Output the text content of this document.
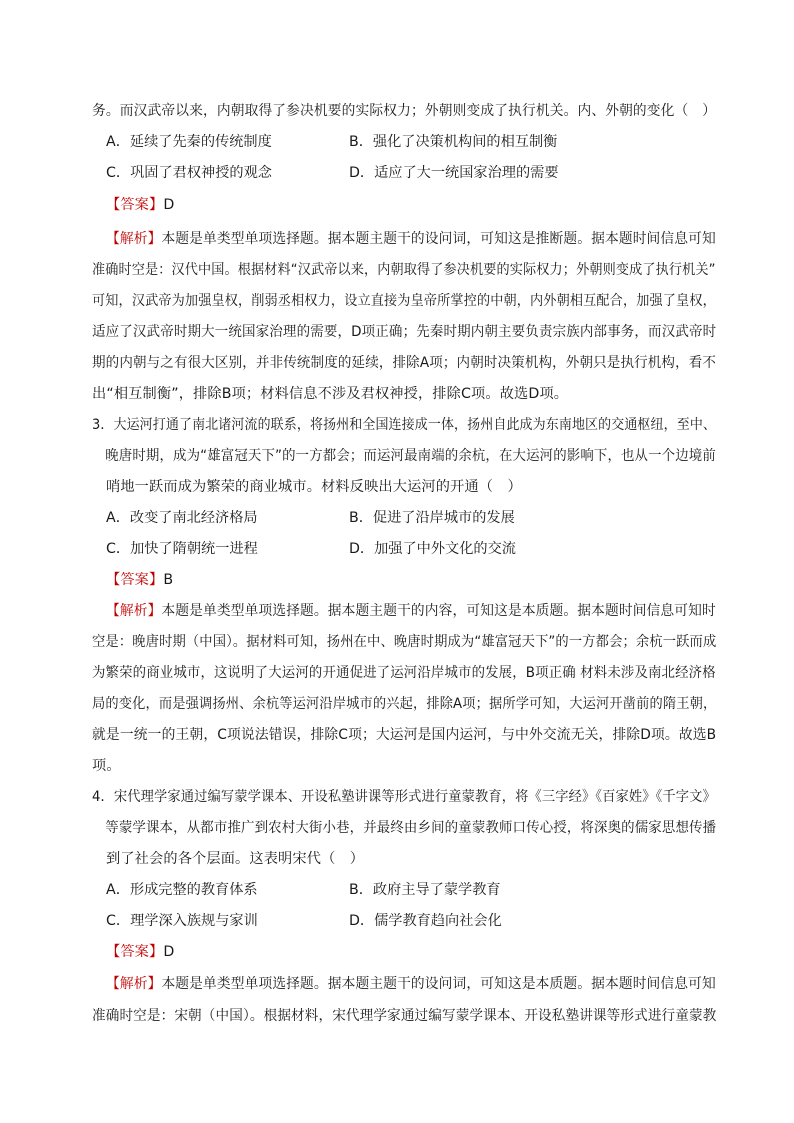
务。而汉武帝以来，内朝取得了参决机要的实际权力；外朝则变成了执行机关。内、外朝的变化（　）
A．延续了先秦的传统制度	B．强化了决策机构间的相互制衡
C．巩固了君权神授的观念	D．适应了大一统国家治理的需要
【答案】D
【解析】本题是单类型单项选择题。据本题主题干的设问词，可知这是推断题。据本题时间信息可知
准确时空是：汉代中国。根据材料“汉武帝以来，内朝取得了参决机要的实际权力；外朝则变成了执行机关”
可知，汉武帝为加强皇权，削弱丞相权力，设立直接为皇帝所掌控的中朝，内外朝相互配合，加强了皇权，
适应了汉武帝时期大一统国家治理的需要，D项正确；先秦时期内朝主要负责宗族内部事务，而汉武帝时
期的内朝与之有很大区别，并非传统制度的延续，排除A项；内朝时决策机构，外朝只是执行机构，看不
出“相互制衡”，排除B项；材料信息不涉及君权神授，排除C项。故选D项。
3．大运河打通了南北诸河流的联系，将扬州和全国连接成一体，扬州自此成为东南地区的交通枢纽，至中、
晚唐时期，成为“雄富冠天下”的一方都会；而运河最南端的余杭，在大运河的影响下，也从一个边境前
哨地一跃而成为繁荣的商业城市。材料反映出大运河的开通（　）
A．改变了南北经济格局	B．促进了沿岸城市的发展
C．加快了隋朝统一进程	D．加强了中外文化的交流
【答案】B
【解析】本题是单类型单项选择题。据本题主题干的内容，可知这是本质题。据本题时间信息可知时
空是：晚唐时期（中国）。据材料可知，扬州在中、晚唐时期成为“雄富冠天下”的一方都会；余杭一跃而成
为繁荣的商业城市，这说明了大运河的开通促进了运河沿岸城市的发展，B项正确 材料未涉及南北经济格
局的变化，而是强调扬州、余杭等运河沿岸城市的兴起，排除A项；据所学可知，大运河开凿前的隋王朝，
就是一统一的王朝，C项说法错误，排除C项；大运河是国内运河，与中外交流无关，排除D项。故选B
项。
4．宋代理学家通过编写蒙学课本、开设私塾讲课等形式进行童蒙教育，将《三字经》《百家姓》《千字文》
等蒙学课本，从都市推广到农村大街小巷，并最终由乡间的童蒙教师口传心授，将深奥的儒家思想传播
到了社会的各个层面。这表明宋代（　）
A．形成完整的教育体系	B．政府主导了蒙学教育
C．理学深入族规与家训	D．儒学教育趋向社会化
【答案】D
【解析】本题是单类型单项选择题。据本题主题干的设问词，可知这是本质题。据本题时间信息可知
准确时空是：宋朝（中国）。根据材料，宋代理学家通过编写蒙学课本、开设私塾讲课等形式进行童蒙教
